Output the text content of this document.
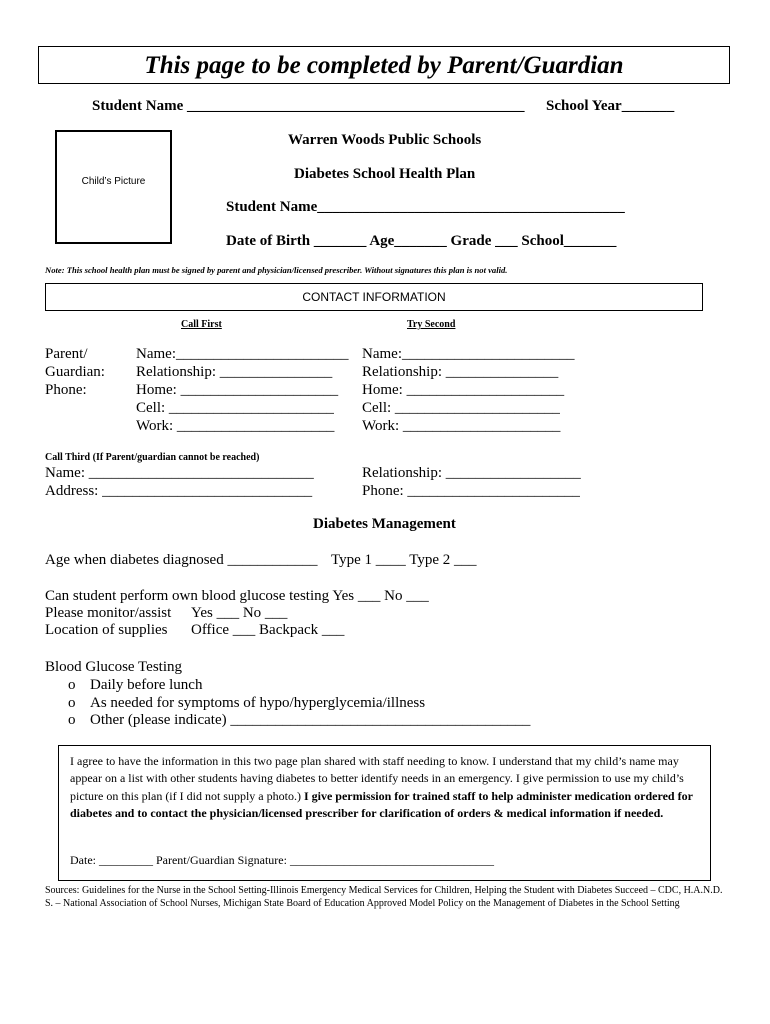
This page to be completed by Parent/Guardian
Student Name _____________________________________________ School Year_______
Warren Woods Public Schools
Diabetes School Health Plan
Child’s Picture
Student Name_________________________________________
Date of Birth _______ Age_______ Grade ___ School_______
Note: This school health plan must be signed by parent and physician/licensed prescriber. Without signatures this plan is not valid.
CONTACT INFORMATION
Call First	Try Second
Parent/
Guardian:
Phone:
Name:_______________________
Relationship: _______________
Home: _____________________
Cell: ______________________
Work: _____________________
Name:_______________________
Relationship: _______________
Home: _____________________
Cell: ______________________
Work: _____________________
Call Third (If Parent/guardian cannot be reached)
Name: ______________________________
Address: ____________________________
Relationship: __________________
Phone: _______________________
Diabetes Management
Age when diabetes diagnosed ____________ Type 1 ____ Type 2 ___
Can student perform own blood glucose testing Yes ___ No ___
Please monitor/assist Yes ___ No ___
Location of supplies Office ___ Backpack ___
Blood Glucose Testing
o Daily before lunch
o As needed for symptoms of hypo/hyperglycemia/illness
o Other (please indicate) ________________________________________

I agree to have the information in this two page plan shared with staff needing to know. I understand that my child’s name may appear on a list with other students having diabetes to better identify needs in an emergency. I give permission to use my child’s picture on this plan (if I did not supply a photo.) I give permission for trained staff to help administer medication ordered for diabetes and to contact the physician/licensed prescriber for clarification of orders & medical information if needed.

Date: _________ Parent/Guardian Signature: __________________________________
Sources: Guidelines for the Nurse in the School Setting-Illinois Emergency Medical Services for Children, Helping the Student with Diabetes Succeed – CDC, H.A.N.D. S. – National Association of School Nurses, Michigan State Board of Education Approved Model Policy on the Management of Diabetes in the School Setting
